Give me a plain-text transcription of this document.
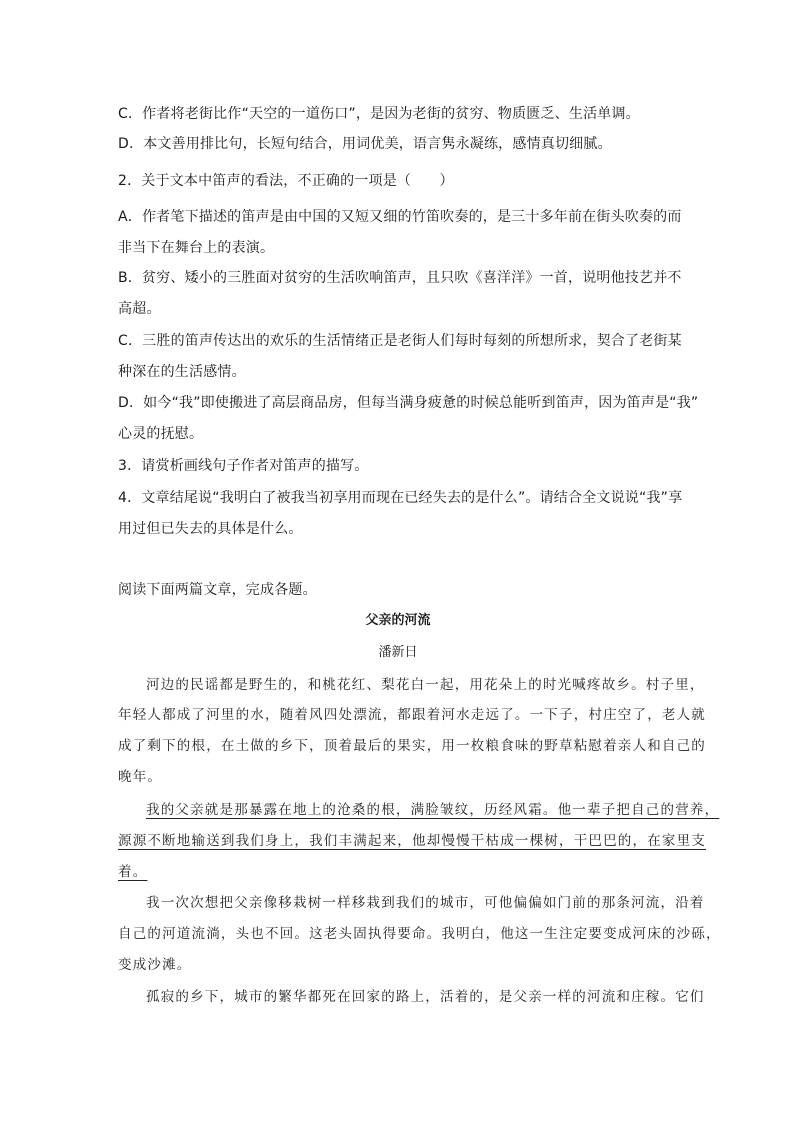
C．作者将老街比作“天空的一道伤口”，是因为老街的贫穷、物质匮乏、生活单调。
D．本文善用排比句，长短句结合，用词优美，语言隽永凝练，感情真切细腻。
2．关于文本中笛声的看法，不正确的一项是（　　）
A．作者笔下描述的笛声是由中国的又短又细的竹笛吹奏的，是三十多年前在街头吹奏的而
非当下在舞台上的表演。
B．贫穷、矮小的三胜面对贫穷的生活吹响笛声，且只吹《喜洋洋》一首，说明他技艺并不
高超。
C．三胜的笛声传达出的欢乐的生活情绪正是老街人们每时每刻的所想所求，契合了老街某
种深在的生活感情。
D．如今“我”即使搬进了高层商品房，但每当满身疲惫的时候总能听到笛声，因为笛声是“我”
心灵的抚慰。
3．请赏析画线句子作者对笛声的描写。
4．文章结尾说“我明白了被我当初享用而现在已经失去的是什么”。请结合全文说说“我”享
用过但已失去的具体是什么。
阅读下面两篇文章，完成各题。
父亲的河流
潘新日
河边的民谣都是野生的，和桃花红、梨花白一起，用花朵上的时光喊疼故乡。村子里，
年轻人都成了河里的水，随着风四处漂流，都跟着河水走远了。一下子，村庄空了，老人就
成了剩下的根，在土做的乡下，顶着最后的果实，用一枚粮食味的野草粘慰着亲人和自己的
晚年。
我的父亲就是那暴露在地上的沧桑的根，满脸皱纹，历经风霜。他一辈子把自己的营养，
源源不断地输送到我们身上，我们丰满起来，他却慢慢干枯成一棵树，干巴巴的，在家里支
着。
我一次次想把父亲像移栽树一样移栽到我们的城市，可他偏偏如门前的那条河流，沿着
自己的河道流淌，头也不回。这老头固执得要命。我明白，他这一生注定要变成河床的沙砾，
变成沙滩。
孤寂的乡下，城市的繁华都死在回家的路上，活着的，是父亲一样的河流和庄稼。它们
